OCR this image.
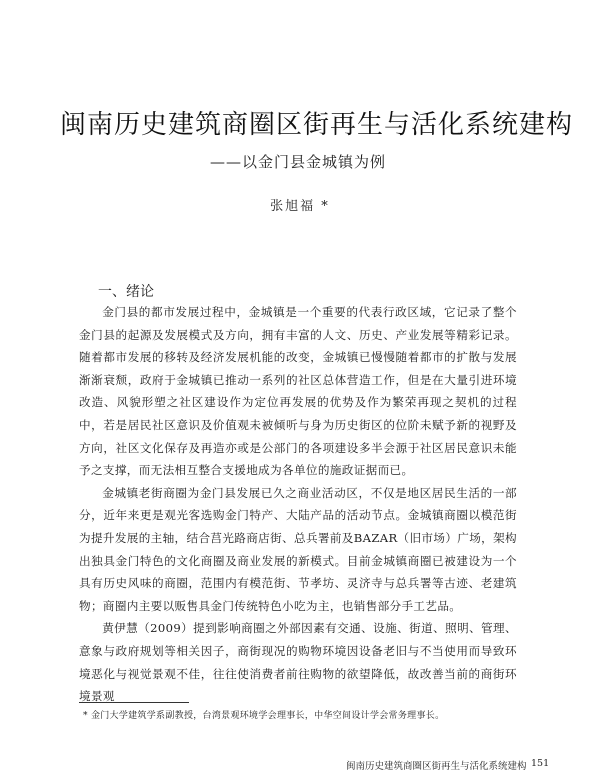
闽南历史建筑商圈区街再生与活化系统建构
——以金门县金城镇为例
张旭福 *
一、绪论

金门县的都市发展过程中，金城镇是一个重要的代表行政区域，它记录了整个金门县的起源及发展模式及方向，拥有丰富的人文、历史、产业发展等精彩记录。随着都市发展的移转及经济发展机能的改变，金城镇已慢慢随着都市的扩散与发展渐渐衰颓，政府于金城镇已推动一系列的社区总体营造工作，但是在大量引进环境改造、风貌形塑之社区建设作为定位再发展的优势及作为繁荣再现之契机的过程中，若是居民社区意识及价值观未被倾听与身为历史街区的位阶未赋予新的视野及方向，社区文化保存及再造亦或是公部门的各项建设多半会源于社区居民意识未能予之支撑，而无法相互整合支援地成为各单位的施政证据而已。

金城镇老街商圈为金门县发展已久之商业活动区，不仅是地区居民生活的一部分，近年来更是观光客选购金门特产、大陆产品的活动节点。金城镇商圈以模范街为提升发展的主轴，结合莒光路商店街、总兵署前及BAZAR（旧市场）广场，架构出独具金门特色的文化商圈及商业发展的新模式。目前金城镇商圈已被建设为一个具有历史风味的商圈，范围内有模范街、节孝坊、灵济寺与总兵署等古迹、老建筑物；商圈内主要以贩售具金门传统特色小吃为主，也销售部分手工艺品。

黄伊慧（2009）提到影响商圈之外部因素有交通、设施、街道、照明、管理、意象与政府规划等相关因子，商街现况的购物环境因设备老旧与不当使用而导致环境恶化与视觉景观不佳，往往使消费者前往购物的欲望降低，故改善当前的商街环境景观

* 金门大学建筑学系副教授，台湾景观环境学会理事长，中华空间设计学会常务理事长。
闽南历史建筑商圈区街再生与活化系统建构 151
